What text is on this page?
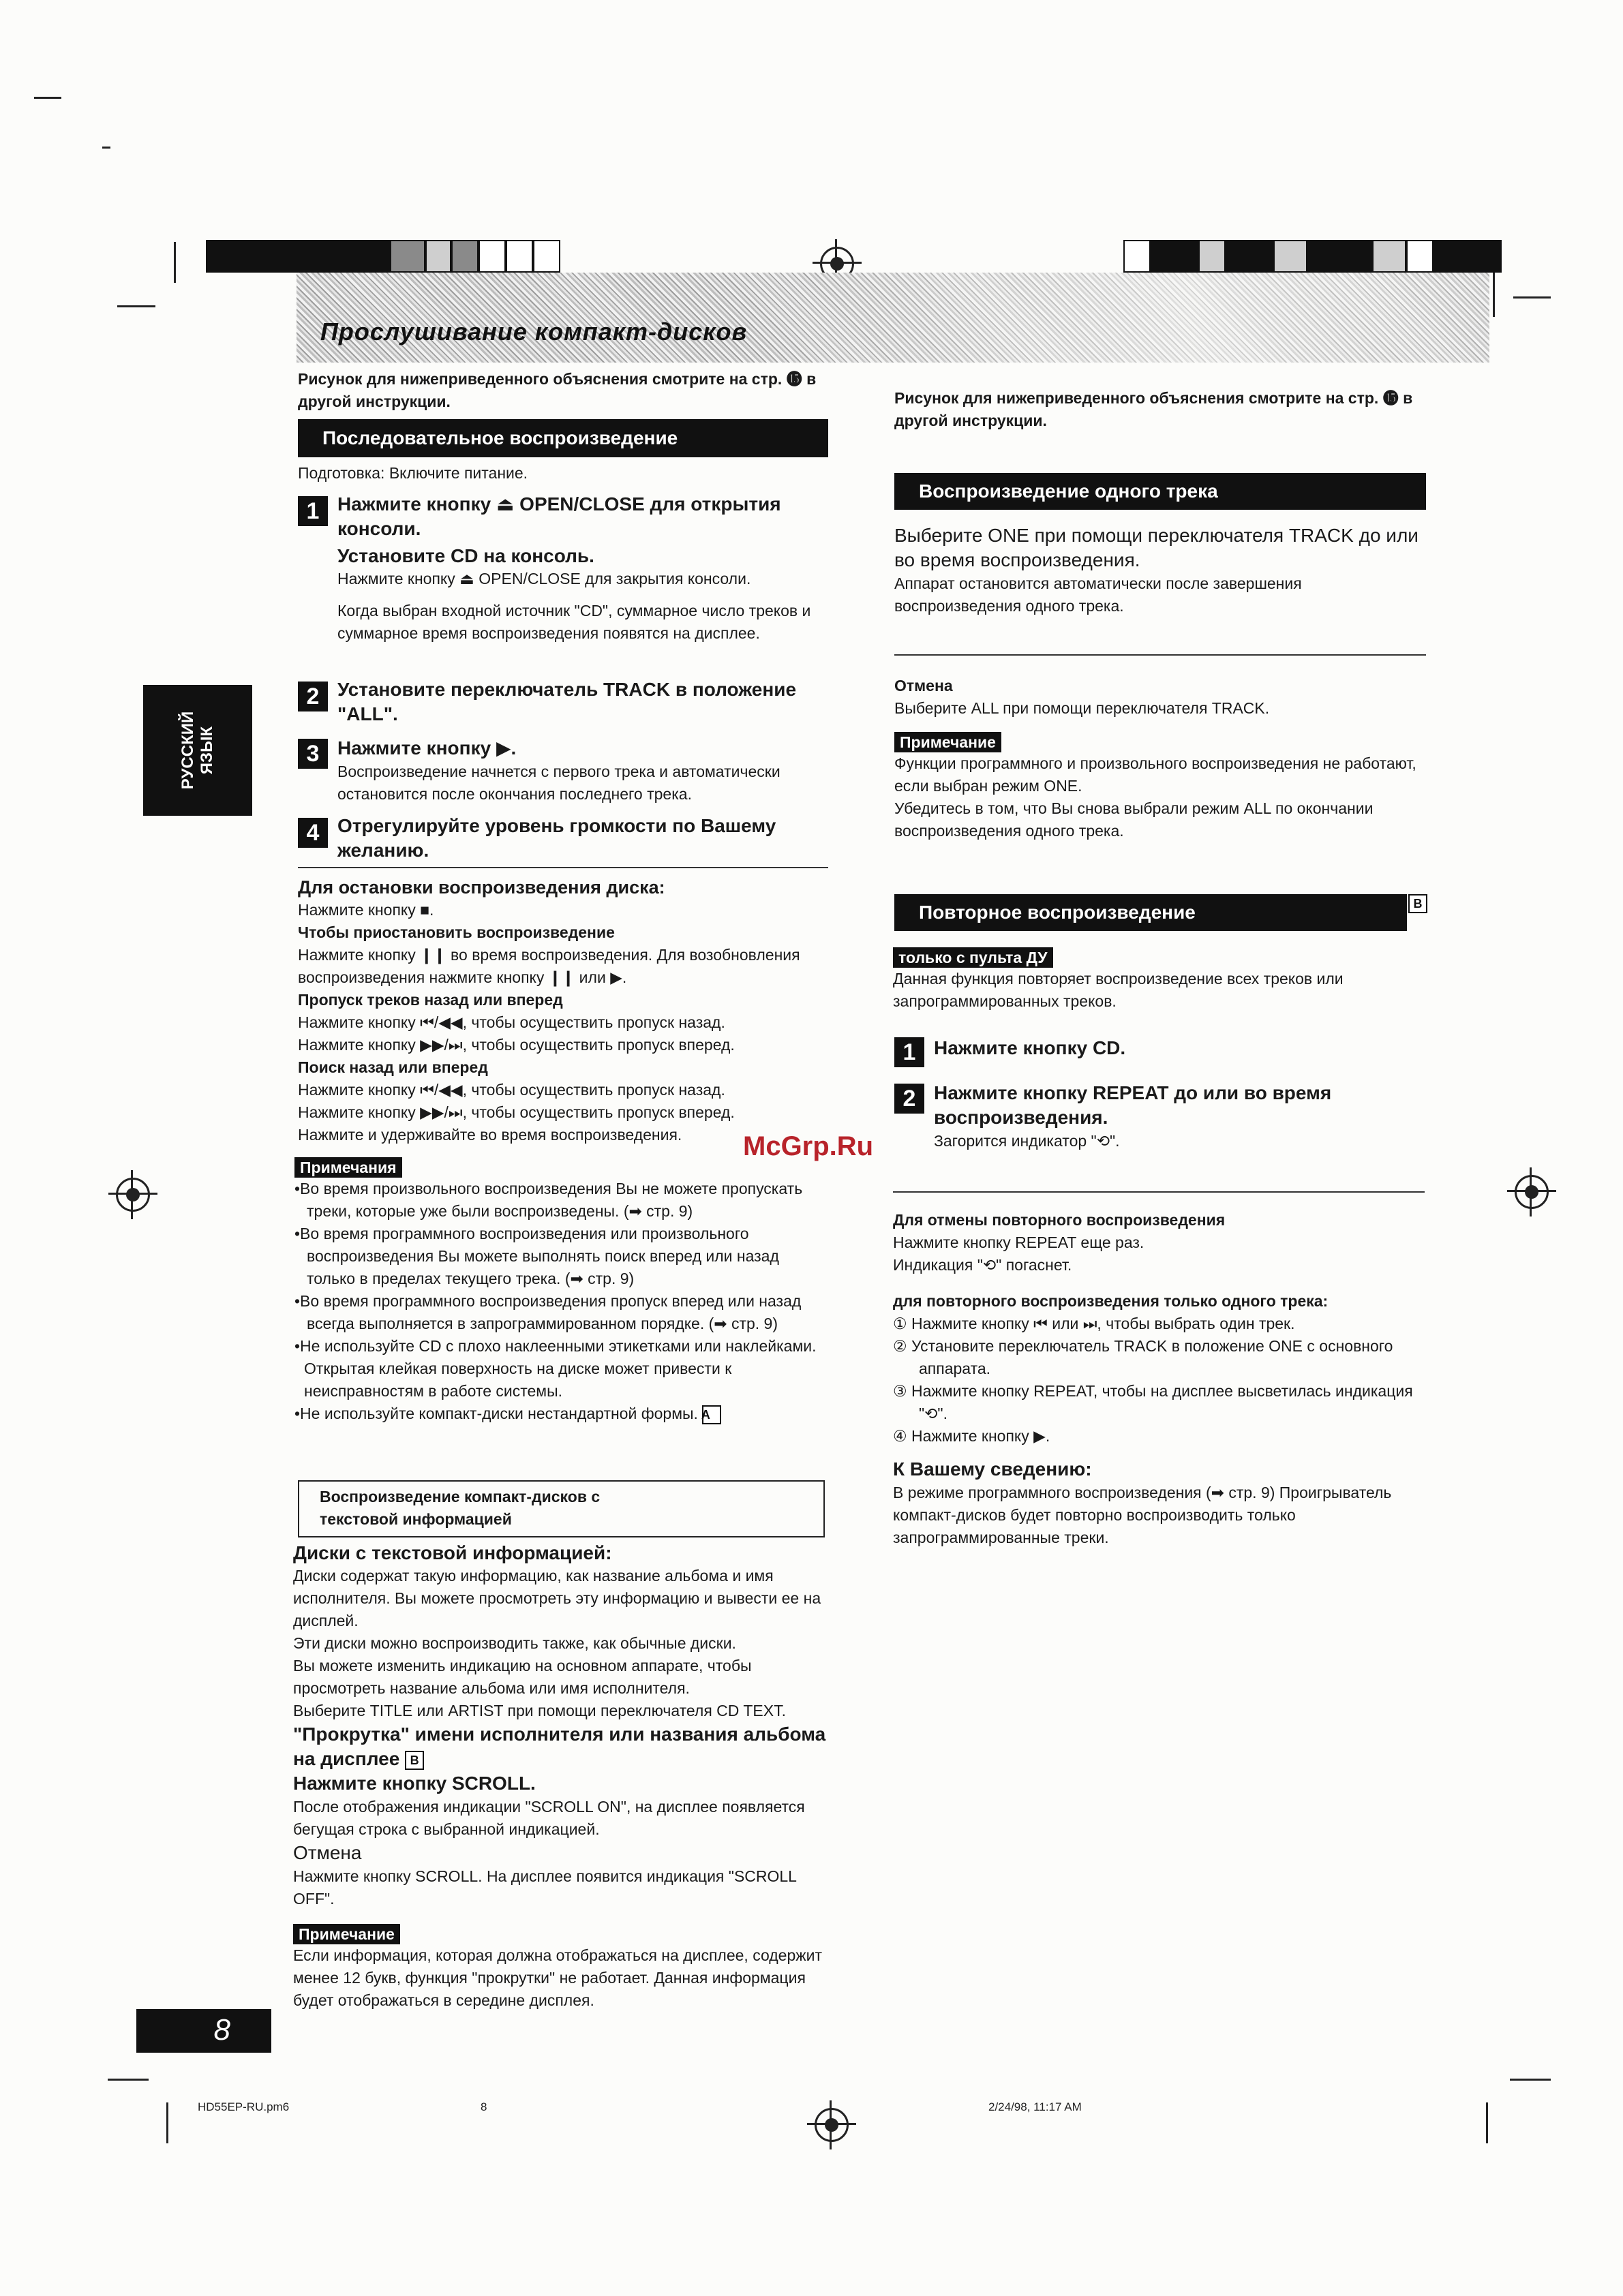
Прослушивание компакт-дисков
РУССКИЙ ЯЗЫК
Рисунок для нижеприведенного объяснения смотрите на стр. ⓯ в другой инструкции.
Последовательное воспроизведение
Подготовка: Включите питание.
1 Нажмите кнопку ⏏ OPEN/CLOSE для открытия консоли.
Установите CD на консоль.
Нажмите кнопку ⏏ OPEN/CLOSE для закрытия консоли.
Когда выбран входной источник "CD", суммарное число треков и суммарное время воспроизведения появятся на дисплее.
2 Установите переключатель TRACK в положение "ALL".
3 Нажмите кнопку ▶.
Воспроизведение начнется с первого трека и автоматически остановится после окончания последнего трека.
4 Отрегулируйте уровень громкости по Вашему желанию.

Для остановки воспроизведения диска:

Нажмите кнопку ■.

Чтобы приостановить воспроизведение

Нажмите кнопку ❙❙ во время воспроизведения. Для возобновления воспроизведения нажмите кнопку ❙❙ или ▶.

Пропуск треков назад или вперед

Нажмите кнопку ⏮/◀◀, чтобы осуществить пропуск назад.

Нажмите кнопку ▶▶/⏭, чтобы осуществить пропуск вперед.

Поиск назад или вперед

Нажмите кнопку ⏮/◀◀, чтобы осуществить пропуск назад.

Нажмите кнопку ▶▶/⏭, чтобы осуществить пропуск вперед.

Нажмите и удерживайте во время воспроизведения.

Примечания

•Во время произвольного воспроизведения Вы не можете пропускать треки, которые уже были воспроизведены. (➡ стр. 9)

•Во время программного воспроизведения или произвольного воспроизведения Вы можете выполнять поиск вперед или назад только в пределах текущего трека. (➡ стр. 9)

•Во время программного воспроизведения пропуск вперед или назад всегда выполняется в запрограммированном порядке. (➡ стр. 9)

•Не используйте CD с плохо наклеенными этикетками или наклейками.

Открытая клейкая поверхность на диске может привести к неисправностям в работе системы.

•Не используйте компакт-диски нестандартной формы. A

Воспроизведение компакт-дисков с текстовой информацией

Диски с текстовой информацией:

Диски содержат такую информацию, как название альбома и имя исполнителя. Вы можете просмотреть эту информацию и вывести ее на дисплей.

Эти диски можно воспроизводить также, как обычные диски.

Вы можете изменить индикацию на основном аппарате, чтобы просмотреть название альбома или имя исполнителя.

Выберите TITLE или ARTIST при помощи переключателя CD TEXT.

"Прокрутка" имени исполнителя или названия альбома на дисплее B

Нажмите кнопку SCROLL.

После отображения индикации "SCROLL ON", на дисплее появляется бегущая строка с выбранной индикацией.

Отмена

Нажмите кнопку SCROLL. На дисплее появится индикация "SCROLL OFF".

Примечание

Если информация, которая должна отображаться на дисплее, содержит менее 12 букв, функция "прокрутки" не работает. Данная информация будет отображаться в середине дисплея.

Рисунок для нижеприведенного объяснения смотрите на стр. ⓯ в другой инструкции.
Воспроизведение одного трека

Выберите ONE при помощи переключателя TRACK до или во время воспроизведения.

Аппарат остановится автоматически после завершения воспроизведения одного трека.

Отмена

Выберите ALL при помощи переключателя TRACK.

Примечание

Функции программного и произвольного воспроизведения не работают, если выбран режим ONE.

Убедитесь в том, что Вы снова выбрали режим ALL по окончании воспроизведения одного трека.

Повторное воспроизведение	B
только с пульта ДУ

Данная функция повторяет воспроизведение всех треков или запрограммированных треков.

1 Нажмите кнопку CD.
2 Нажмите кнопку REPEAT до или во время воспроизведения.
Загорится индикатор "⟲".

Для отмены повторного воспроизведения

Нажмите кнопку REPEAT еще раз.

Индикация "⟲" погаснет.

для повторного воспроизведения только одного трека:

① Нажмите кнопку ⏮ или ⏭, чтобы выбрать один трек.

② Установите переключатель TRACK в положение ONE с основного аппарата.

③ Нажмите кнопку REPEAT, чтобы на дисплее высветилась индикация "⟲".

④ Нажмите кнопку ▶.

К Вашему сведению:

В режиме программного воспроизведения (➡ стр. 9) Проигрыватель компакт-дисков будет повторно воспроизводить только запрограммированные треки.

McGrp.Ru
8
HD55EP-RU.pm6	8	2/24/98, 11:17 AM
